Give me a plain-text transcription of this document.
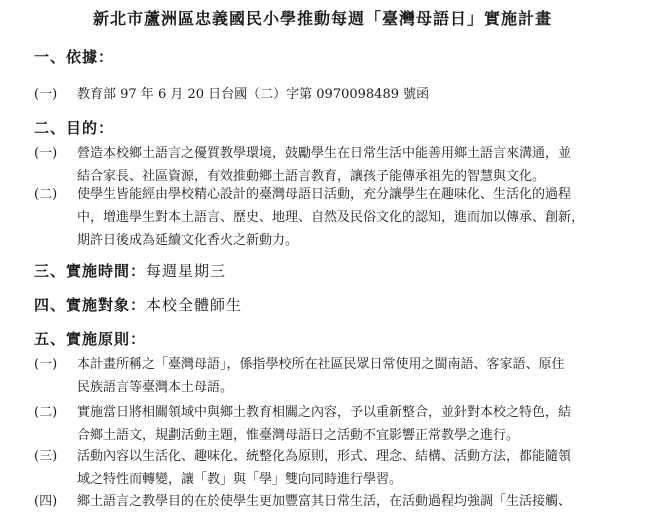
新北市蘆洲區忠義國民小學推動每週「臺灣母語日」實施計畫
一、依據：
(一) 教育部 97 年 6 月 20 日台國（二）字第 0970098489 號函
二、目的：
(一) 營造本校鄉土語言之優質教學環境，鼓勵學生在日常生活中能善用鄉土語言來溝通，並
結合家長、社區資源，有效推動鄉土語言教育，讓孩子能傳承祖先的智慧與文化。
(二) 使學生皆能經由學校精心設計的臺灣母語日活動，充分讓學生在趣味化、生活化的過程
中，增進學生對本土語言、歷史、地理、自然及民俗文化的認知，進而加以傳承、創新，
期許日後成為延續文化香火之新動力。
三、實施時間：每週星期三
四、實施對象：本校全體師生
五、實施原則：
(一) 本計畫所稱之「臺灣母語」，係指學校所在社區民眾日常使用之閩南語、客家語、原住
民族語言等臺灣本土母語。
(二) 實施當日將相關領域中與鄉土教育相關之內容，予以重新整合，並針對本校之特色，結
合鄉土語文，規劃活動主題，惟臺灣母語日之活動不宜影響正常教學之進行。
(三) 活動內容以生活化、趣味化、統整化為原則，形式、理念、結構、活動方法，都能隨領
域之特性而轉變，讓「教」與「學」雙向同時進行學習。
(四) 鄉土語言之教學目的在於使學生更加豐富其日常生活，在活動過程均強調「生活接觸、
